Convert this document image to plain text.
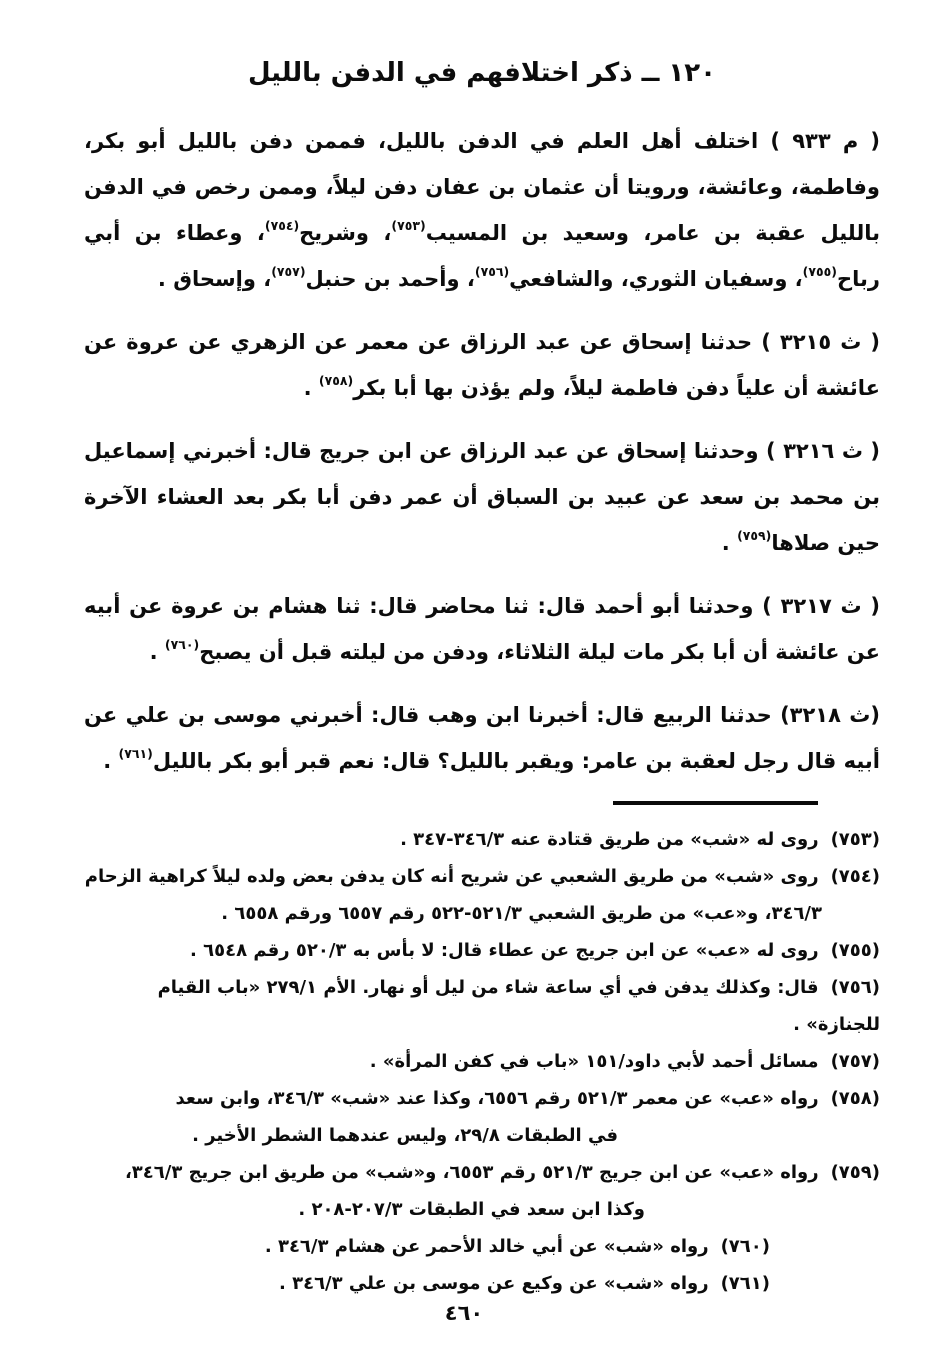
١٢٠ ــ ذكر اختلافهم في الدفن بالليل

( م ٩٣٣ ) اختلف أهل العلم في الدفن بالليل، فممن دفن بالليل أبو بكر، وفاطمة، وعائشة، ورويتا أن عثمان بن عفان دفن ليلاً، وممن رخص في الدفن بالليل عقبة بن عامر، وسعيد بن المسيب$^{(٧٥٣)}$، وشريح$^{(٧٥٤)}$، وعطاء بن أبي رباح$^{(٧٥٥)}$، وسفيان الثوري، والشافعي$^{(٧٥٦)}$، وأحمد بن حنبل$^{(٧٥٧)}$، وإسحاق .

( ث ٣٢١٥ ) حدثنا إسحاق عن عبد الرزاق عن معمر عن الزهري عن عروة عن عائشة أن علياً دفن فاطمة ليلاً، ولم يؤذن بها أبا بكر$^{(٧٥٨)}$ .

( ث ٣٢١٦ ) وحدثنا إسحاق عن عبد الرزاق عن ابن جريج قال: أخبرني إسماعيل بن محمد بن سعد عن عبيد بن السباق أن عمر دفن أبا بكر بعد العشاء الآخرة حين صلاها$^{(٧٥٩)}$ .

( ث ٣٢١٧ ) وحدثنا أبو أحمد قال: ثنا محاضر قال: ثنا هشام بن عروة عن أبيه عن عائشة أن أبا بكر مات ليلة الثلاثاء، ودفن من ليلته قبل أن يصبح$^{(٧٦٠)}$ .

(ث ٣٢١٨) حدثنا الربيع قال: أخبرنا ابن وهب قال: أخبرني موسى بن علي عن أبيه قال رجل لعقبة بن عامر: ويقبر بالليل؟ قال: نعم قبر أبو بكر بالليل$^{(٧٦١)}$ .

(٧٥٣)روى له «شب» من طريق قتادة عنه ٣٤٦/٣-٣٤٧ .
(٧٥٤)روى «شب» من طريق الشعبي عن شريح أنه كان يدفن بعض ولده ليلاً كراهية الزحام
٣٤٦/٣، و«عب» من طريق الشعبي ٥٢١/٣-٥٢٢ رقم ٦٥٥٧ ورقم ٦٥٥٨ .
(٧٥٥)روى له «عب» عن ابن جريج عن عطاء قال: لا بأس به ٥٢٠/٣ رقم ٦٥٤٨ .
(٧٥٦)قال: وكذلك يدفن في أي ساعة شاء من ليل أو نهار. الأم ٢٧٩/١ «باب القيام للجنازة» .
(٧٥٧)مسائل أحمد لأبي داود/١٥١ «باب في كفن المرأة» .
(٧٥٨)رواه «عب» عن معمر ٥٢١/٣ رقم ٦٥٥٦، وكذا عند «شب» ٣٤٦/٣، وابن سعد
في الطبقات ٢٩/٨، وليس عندهما الشطر الأخير .
(٧٥٩)رواه «عب» عن ابن جريج ٥٢١/٣ رقم ٦٥٥٣، و«شب» من طريق ابن جريج ٣٤٦/٣،
وكذا ابن سعد في الطبقات ٢٠٧/٣-٢٠٨ .
(٧٦٠)رواه «شب» عن أبي خالد الأحمر عن هشام ٣٤٦/٣ .
(٧٦١)رواه «شب» عن وكيع عن موسى بن علي ٣٤٦/٣ .
٤٦٠
